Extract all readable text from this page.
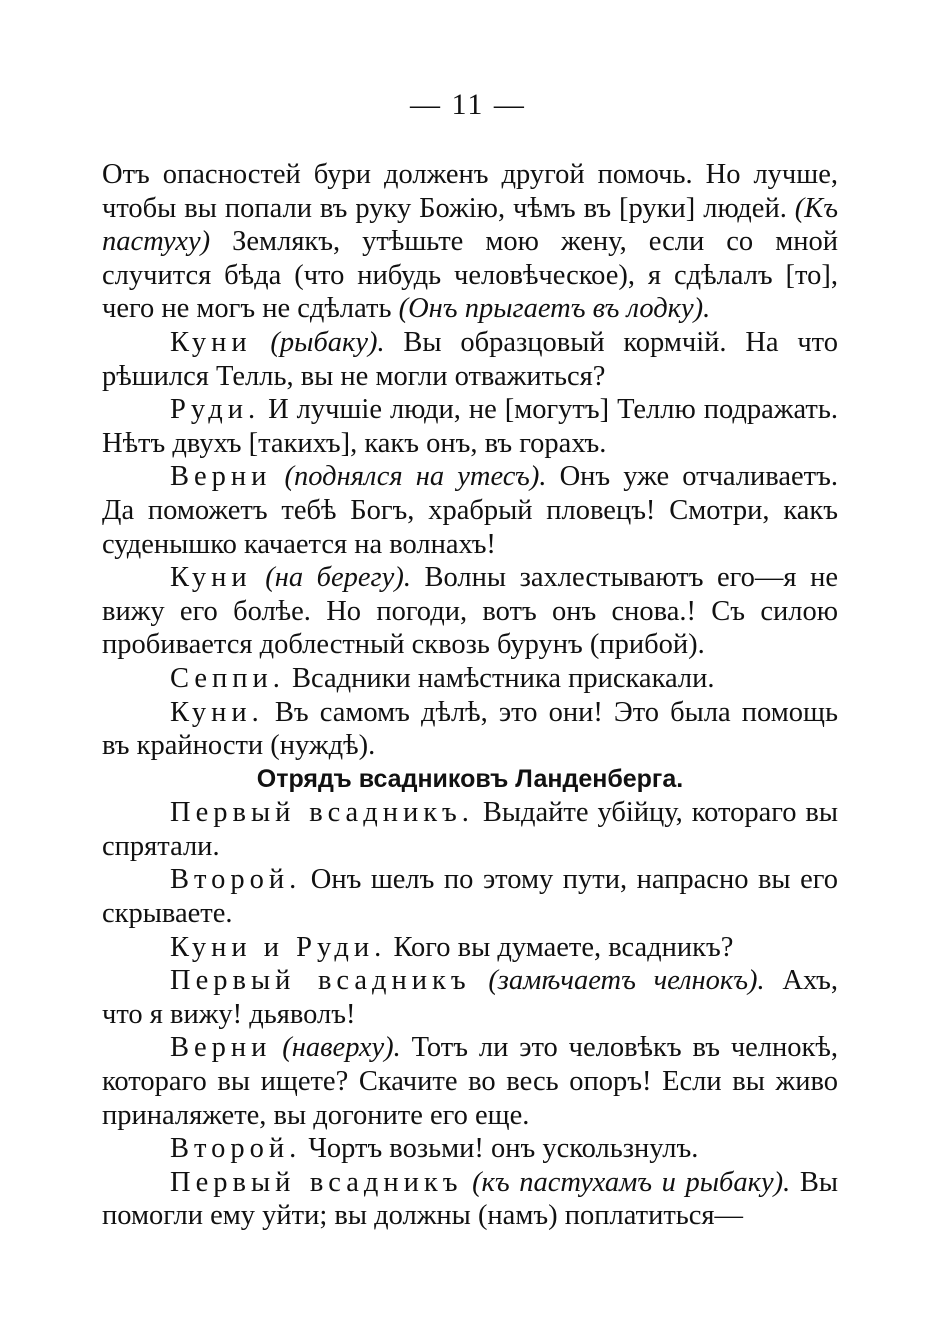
— 11 —

Отъ опасностей бури долженъ другой помочь. Но лучше, чтобы вы попали въ руку Божію, чѣмъ въ [руки] людей. (Къ пастуху) Землякъ, утѣшьте мою жену, если со мной случится бѣда (что нибудь человѣческое), я сдѣлалъ [то], чего не могъ не сдѣлать (Онъ прыгаетъ въ лодку).

Куни (рыбаку). Вы образцовый кормчій. На что рѣшился Телль, вы не могли отважиться?

Руди. И лучшіе люди, не [могутъ] Теллю подражать. Нѣтъ двухъ [такихъ], какъ онъ, въ горахъ.

Верни (поднялся на утесъ). Онъ уже отчаливаетъ. Да поможетъ тебѣ Богъ, храбрый пловецъ! Смотри, какъ суденышко качается на волнахъ!

Куни (на берегу). Волны захлестываютъ его—я не вижу его болѣе. Но погоди, вотъ онъ снова.! Съ силою пробивается доблестный сквозь бурунъ (прибой).

Сеппи. Всадники намѣстника прискакали.

Куни. Въ самомъ дѣлѣ, это они! Это была помощь въ крайности (нуждѣ).

Отрядъ всадниковъ Ланденберга.

Первый всадникъ. Выдайте убійцу, котораго вы спрятали.

Второй. Онъ шелъ по этому пути, напрасно вы его скрываете.

Куни и Руди. Кого вы думаете, всадникъ?

Первый всадникъ (замѣчаетъ челнокъ). Ахъ, что я вижу! дьяволъ!

Верни (наверху). Тотъ ли это человѣкъ въ челнокѣ, котораго вы ищете? Скачите во весь опоръ! Если вы живо приналяжете, вы догоните его еще.

Второй. Чортъ возьми! онъ ускользнулъ.

Первый всадникъ (къ пастухамъ и рыбаку). Вы помогли ему уйти; вы должны (намъ) поплатиться—
